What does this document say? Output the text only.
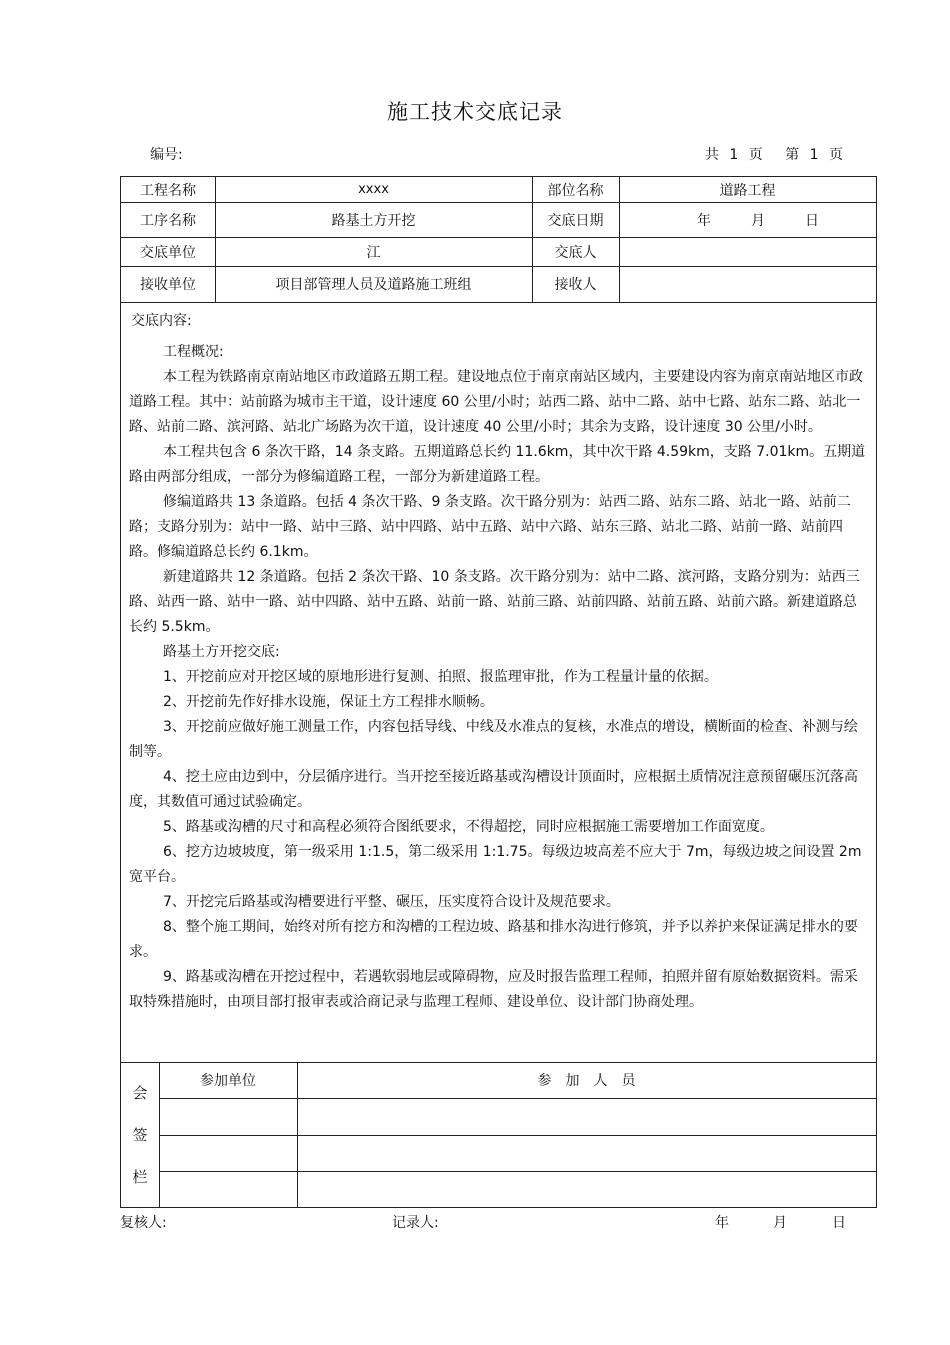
施工技术交底记录
编号:	共 1 页 第 1 页
工程名称	xxxx	部位名称	道路工程
工序名称	路基土方开挖	交底日期	年	月	日
交底单位	江	交底人
接收单位	项目部管理人员及道路施工班组	接收人
交底内容:

工程概况:

本工程为铁路南京南站地区市政道路五期工程。建设地点位于南京南站区域内，主要建设内容为南京南站地区市政道路工程。其中：站前路为城市主干道，设计速度 60 公里/小时；站西二路、站中二路、站中七路、站东二路、站北一路、站前二路、滨河路、站北广场路为次干道，设计速度 40 公里/小时；其余为支路，设计速度 30 公里/小时。

本工程共包含 6 条次干路，14 条支路。五期道路总长约 11.6km，其中次干路 4.59km，支路 7.01km。五期道路由两部分组成，一部分为修编道路工程，一部分为新建道路工程。

修编道路共 13 条道路。包括 4 条次干路、9 条支路。次干路分别为：站西二路、站东二路、站北一路、站前二路；支路分别为：站中一路、站中三路、站中四路、站中五路、站中六路、站东三路、站北二路、站前一路、站前四路。修编道路总长约 6.1km。

新建道路共 12 条道路。包括 2 条次干路、10 条支路。次干路分别为：站中二路、滨河路，支路分别为：站西三路、站西一路、站中一路、站中四路、站中五路、站前一路、站前三路、站前四路、站前五路、站前六路。新建道路总长约 5.5km。

路基土方开挖交底:

1、开挖前应对开挖区域的原地形进行复测、拍照、报监理审批，作为工程量计量的依据。

2、开挖前先作好排水设施，保证土方工程排水顺畅。

3、开挖前应做好施工测量工作，内容包括导线、中线及水准点的复核，水准点的增设，横断面的检查、补测与绘制等。

4、挖土应由边到中，分层循序进行。当开挖至接近路基或沟槽设计顶面时，应根据土质情况注意预留碾压沉落高度，其数值可通过试验确定。

5、路基或沟槽的尺寸和高程必须符合图纸要求，不得超挖，同时应根据施工需要增加工作面宽度。

6、挖方边坡坡度，第一级采用 1:1.5，第二级采用 1:1.75。每级边坡高差不应大于 7m，每级边坡之间设置 2m宽平台。

7、开挖完后路基或沟槽要进行平整、碾压，压实度符合设计及规范要求。

8、整个施工期间，始终对所有挖方和沟槽的工程边坡、路基和排水沟进行修筑，并予以养护来保证满足排水的要求。

9、路基或沟槽在开挖过程中，若遇软弱地层或障碍物，应及时报告监理工程师，拍照并留有原始数据资料。需采取特殊措施时，由项目部打报审表或洽商记录与监理工程师、建设单位、设计部门协商处理。

会
签
栏
参加单位	参　加　人　员
复核人:	记录人:	年	月	日
